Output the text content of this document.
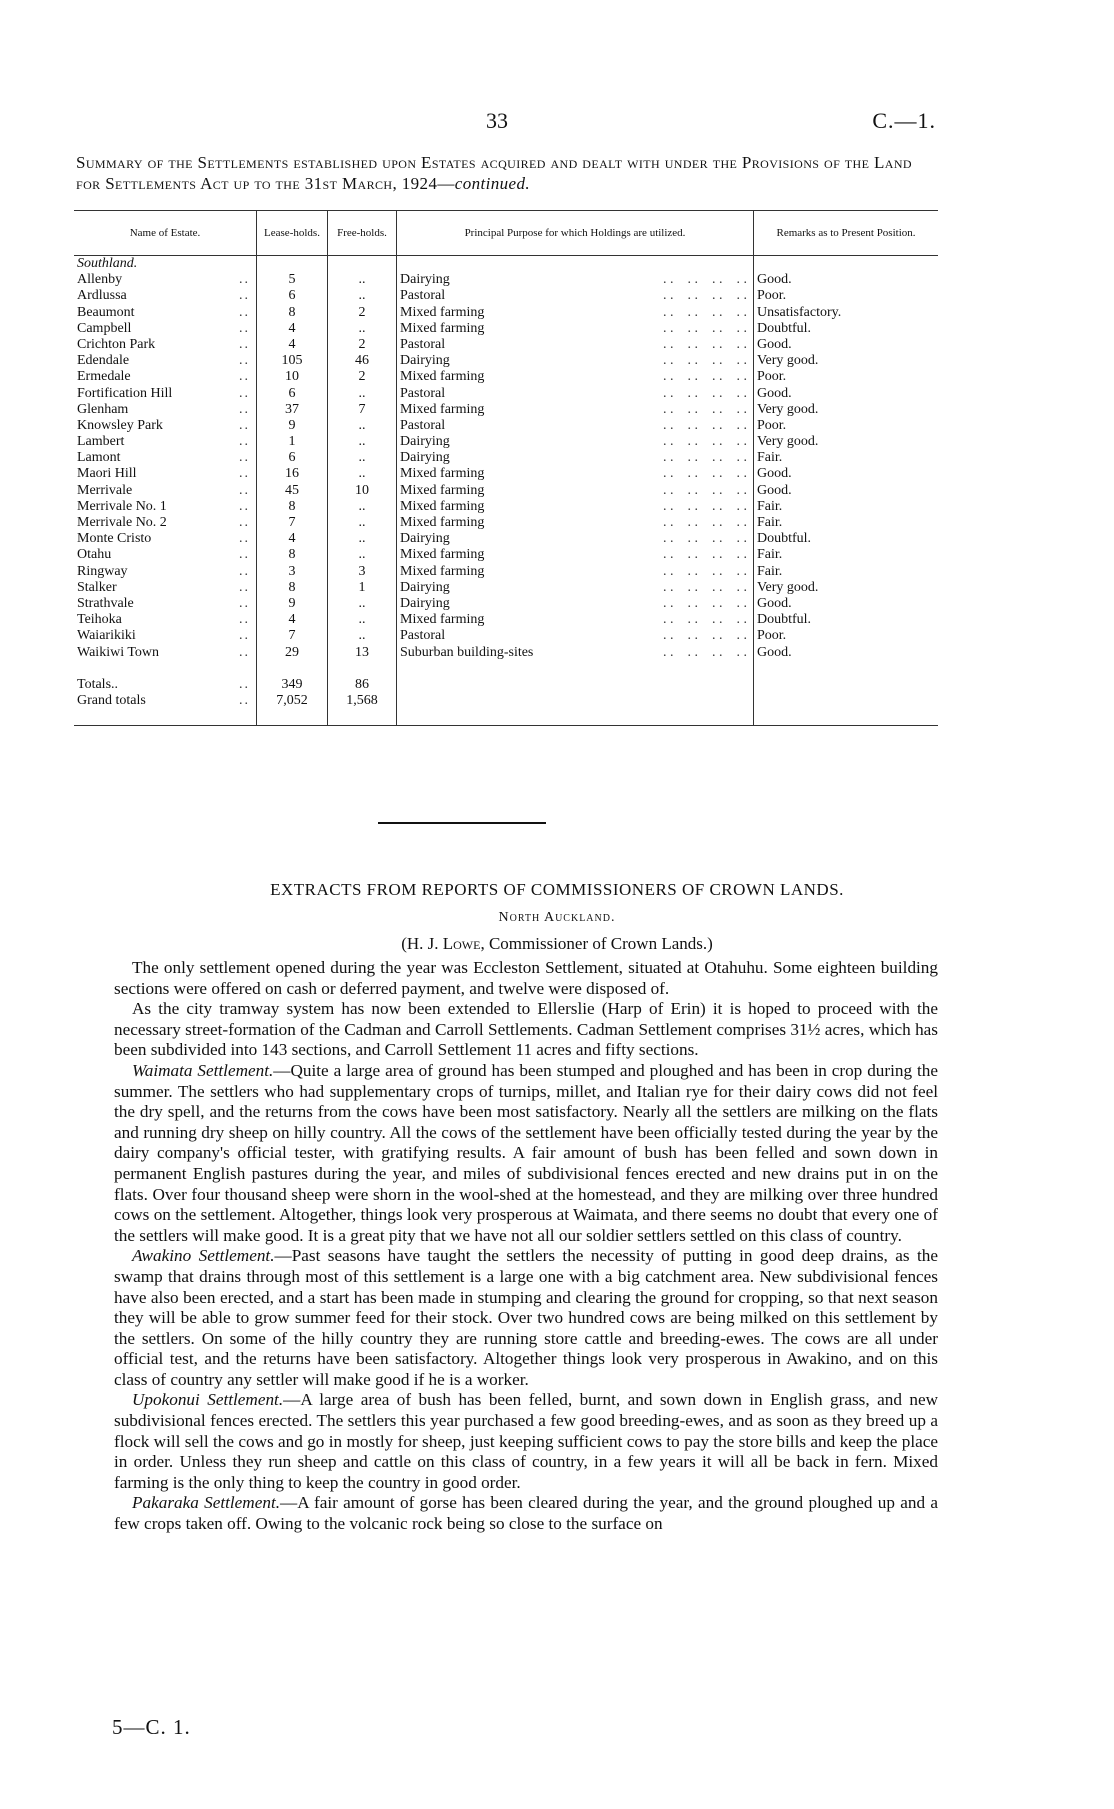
33	C.—1.
Summary of the Settlements established upon Estates acquired and dealt with under the Provisions of the Land for Settlements Act up to the 31st March, 1924—continued.
Name of Estate.	Lease-holds.	Free-holds.	Principal Purpose for which Holdings are utilized.	Remarks as to Present Position.
Southland.				
Allenby ..	5	..	Dairying . .    . .    . .    . .	Good.
Ardlussa ..	6	..	Pastoral . .    . .    . .    . .	Poor.
Beaumont ..	8	2	Mixed farming . .    . .    . .    . .	Unsatisfactory.
Campbell ..	4	..	Mixed farming . .    . .    . .    . .	Doubtful.
Crichton Park ..	4	2	Pastoral . .    . .    . .    . .	Good.
Edendale ..	105	46	Dairying . .    . .    . .    . .	Very good.
Ermedale ..	10	2	Mixed farming . .    . .    . .    . .	Poor.
Fortification Hill ..	6	..	Pastoral . .    . .    . .    . .	Good.
Glenham ..	37	7	Mixed farming . .    . .    . .    . .	Very good.
Knowsley Park ..	9	..	Pastoral . .    . .    . .    . .	Poor.
Lambert ..	1	..	Dairying . .    . .    . .    . .	Very good.
Lamont ..	6	..	Dairying . .    . .    . .    . .	Fair.
Maori Hill ..	16	..	Mixed farming . .    . .    . .    . .	Good.
Merrivale ..	45	10	Mixed farming . .    . .    . .    . .	Good.
Merrivale No. 1 ..	8	..	Mixed farming . .    . .    . .    . .	Fair.
Merrivale No. 2 ..	7	..	Mixed farming . .    . .    . .    . .	Fair.
Monte Cristo ..	4	..	Dairying . .    . .    . .    . .	Doubtful.
Otahu ..	8	..	Mixed farming . .    . .    . .    . .	Fair.
Ringway ..	3	3	Mixed farming . .    . .    . .    . .	Fair.
Stalker ..	8	1	Dairying . .    . .    . .    . .	Very good.
Strathvale ..	9	..	Dairying . .    . .    . .    . .	Good.
Teihoka ..	4	..	Mixed farming . .    . .    . .    . .	Doubtful.
Waiarikiki ..	7	..	Pastoral . .    . .    . .    . .	Poor.
Waikiwi Town ..	29	13	Suburban building-sites . .    . .    . .    . .	Good.

Totals.. ..	349	86		
Grand totals ..	7,052	1,568		

EXTRACTS FROM REPORTS OF COMMISSIONERS OF CROWN LANDS.
North Auckland.
(H. J. Lowe, Commissioner of Crown Lands.)

The only settlement opened during the year was Eccleston Settlement, situated at Otahuhu. Some eighteen building sections were offered on cash or deferred payment, and twelve were disposed of.

As the city tramway system has now been extended to Ellerslie (Harp of Erin) it is hoped to proceed with the necessary street-formation of the Cadman and Carroll Settlements. Cadman Settlement comprises 31½ acres, which has been subdivided into 143 sections, and Carroll Settlement 11 acres and fifty sections.

Waimata Settlement.—Quite a large area of ground has been stumped and ploughed and has been in crop during the summer. The settlers who had supplementary crops of turnips, millet, and Italian rye for their dairy cows did not feel the dry spell, and the returns from the cows have been most satisfactory. Nearly all the settlers are milking on the flats and running dry sheep on hilly country. All the cows of the settlement have been officially tested during the year by the dairy company's official tester, with gratifying results. A fair amount of bush has been felled and sown down in permanent English pastures during the year, and miles of subdivisional fences erected and new drains put in on the flats. Over four thousand sheep were shorn in the wool-shed at the homestead, and they are milking over three hundred cows on the settlement. Altogether, things look very prosperous at Waimata, and there seems no doubt that every one of the settlers will make good. It is a great pity that we have not all our soldier settlers settled on this class of country.

Awakino Settlement.—Past seasons have taught the settlers the necessity of putting in good deep drains, as the swamp that drains through most of this settlement is a large one with a big catchment area. New subdivisional fences have also been erected, and a start has been made in stumping and clearing the ground for cropping, so that next season they will be able to grow summer feed for their stock. Over two hundred cows are being milked on this settlement by the settlers. On some of the hilly country they are running store cattle and breeding-ewes. The cows are all under official test, and the returns have been satisfactory. Altogether things look very prosperous in Awakino, and on this class of country any settler will make good if he is a worker.

Upokonui Settlement.—A large area of bush has been felled, burnt, and sown down in English grass, and new subdivisional fences erected. The settlers this year purchased a few good breeding-ewes, and as soon as they breed up a flock will sell the cows and go in mostly for sheep, just keeping sufficient cows to pay the store bills and keep the place in order. Unless they run sheep and cattle on this class of country, in a few years it will all be back in fern. Mixed farming is the only thing to keep the country in good order.

Pakaraka Settlement.—A fair amount of gorse has been cleared during the year, and the ground ploughed up and a few crops taken off. Owing to the volcanic rock being so close to the surface on

5—C. 1.
